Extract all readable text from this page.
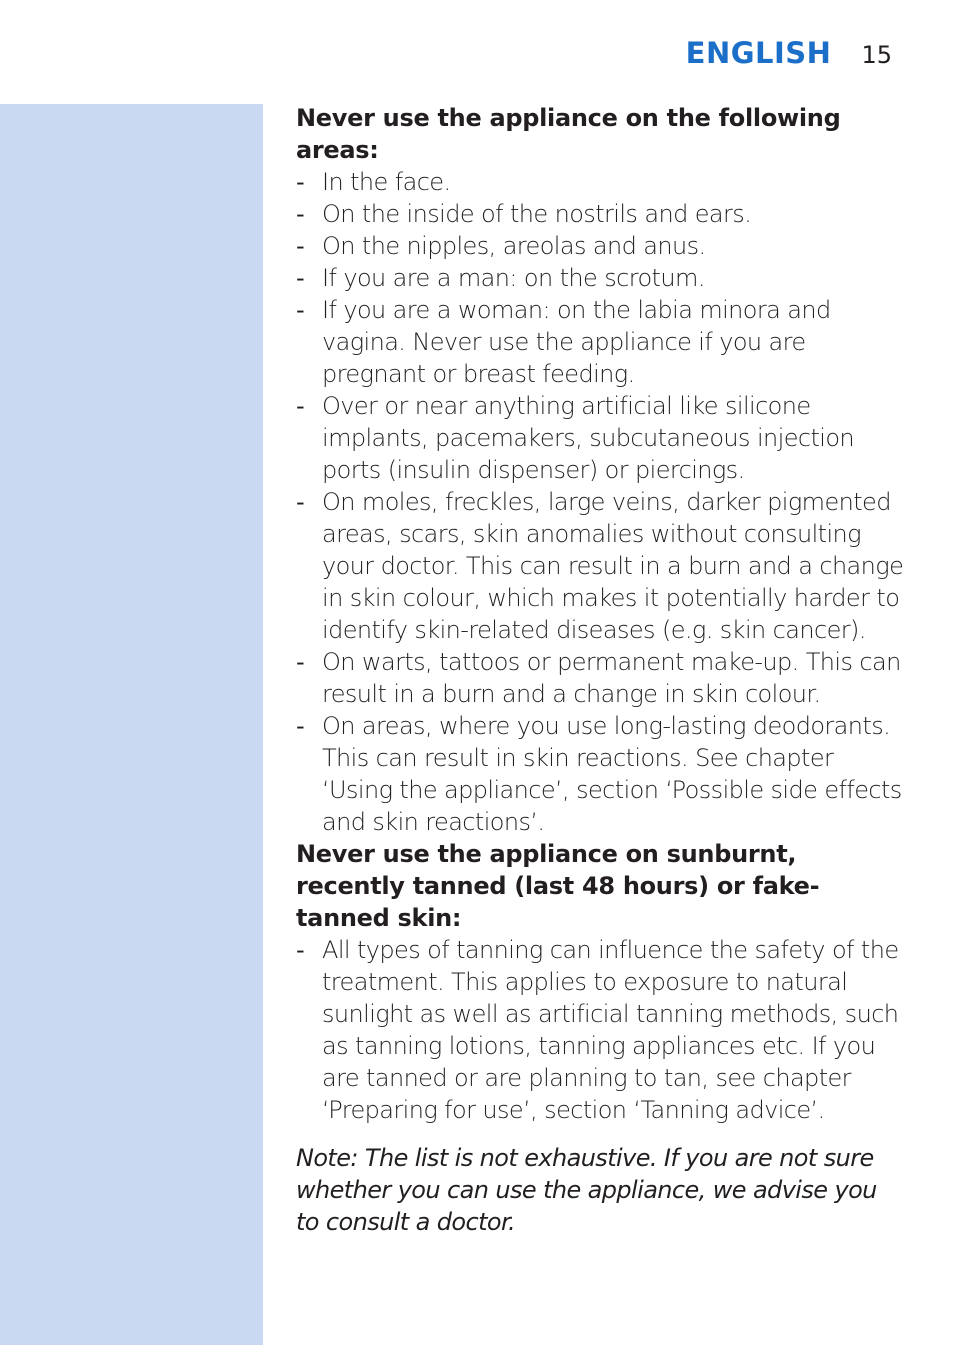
ENGLISH 15

Never use the appliance on the following areas:

- In the face.
- On the inside of the nostrils and ears.
- On the nipples, areolas and anus.
- If you are a man: on the scrotum.
- If you are a woman: on the labia minora and vagina. Never use the appliance if you are pregnant or breast feeding.
- Over or near anything artificial like silicone implants, pacemakers, subcutaneous injection ports (insulin dispenser) or piercings.
- On moles, freckles, large veins, darker pigmented areas, scars, skin anomalies without consulting your doctor. This can result in a burn and a change in skin colour, which makes it potentially harder to identify skin-related diseases (e.g. skin cancer).
- On warts, tattoos or permanent make-up. This can result in a burn and a change in skin colour.
- On areas, where you use long-lasting deodorants. This can result in skin reactions. See chapter ‘Using the appliance’, section ‘Possible side effects and skin reactions’.

Never use the appliance on sunburnt, recently tanned (last 48 hours) or fake-tanned skin:

- All types of tanning can influence the safety of the treatment. This applies to exposure to natural sunlight as well as artificial tanning methods, such as tanning lotions, tanning appliances etc. If you are tanned or are planning to tan, see chapter ‘Preparing for use’, section ‘Tanning advice’.

Note: The list is not exhaustive. If you are not sure whether you can use the appliance, we advise you to consult a doctor.
